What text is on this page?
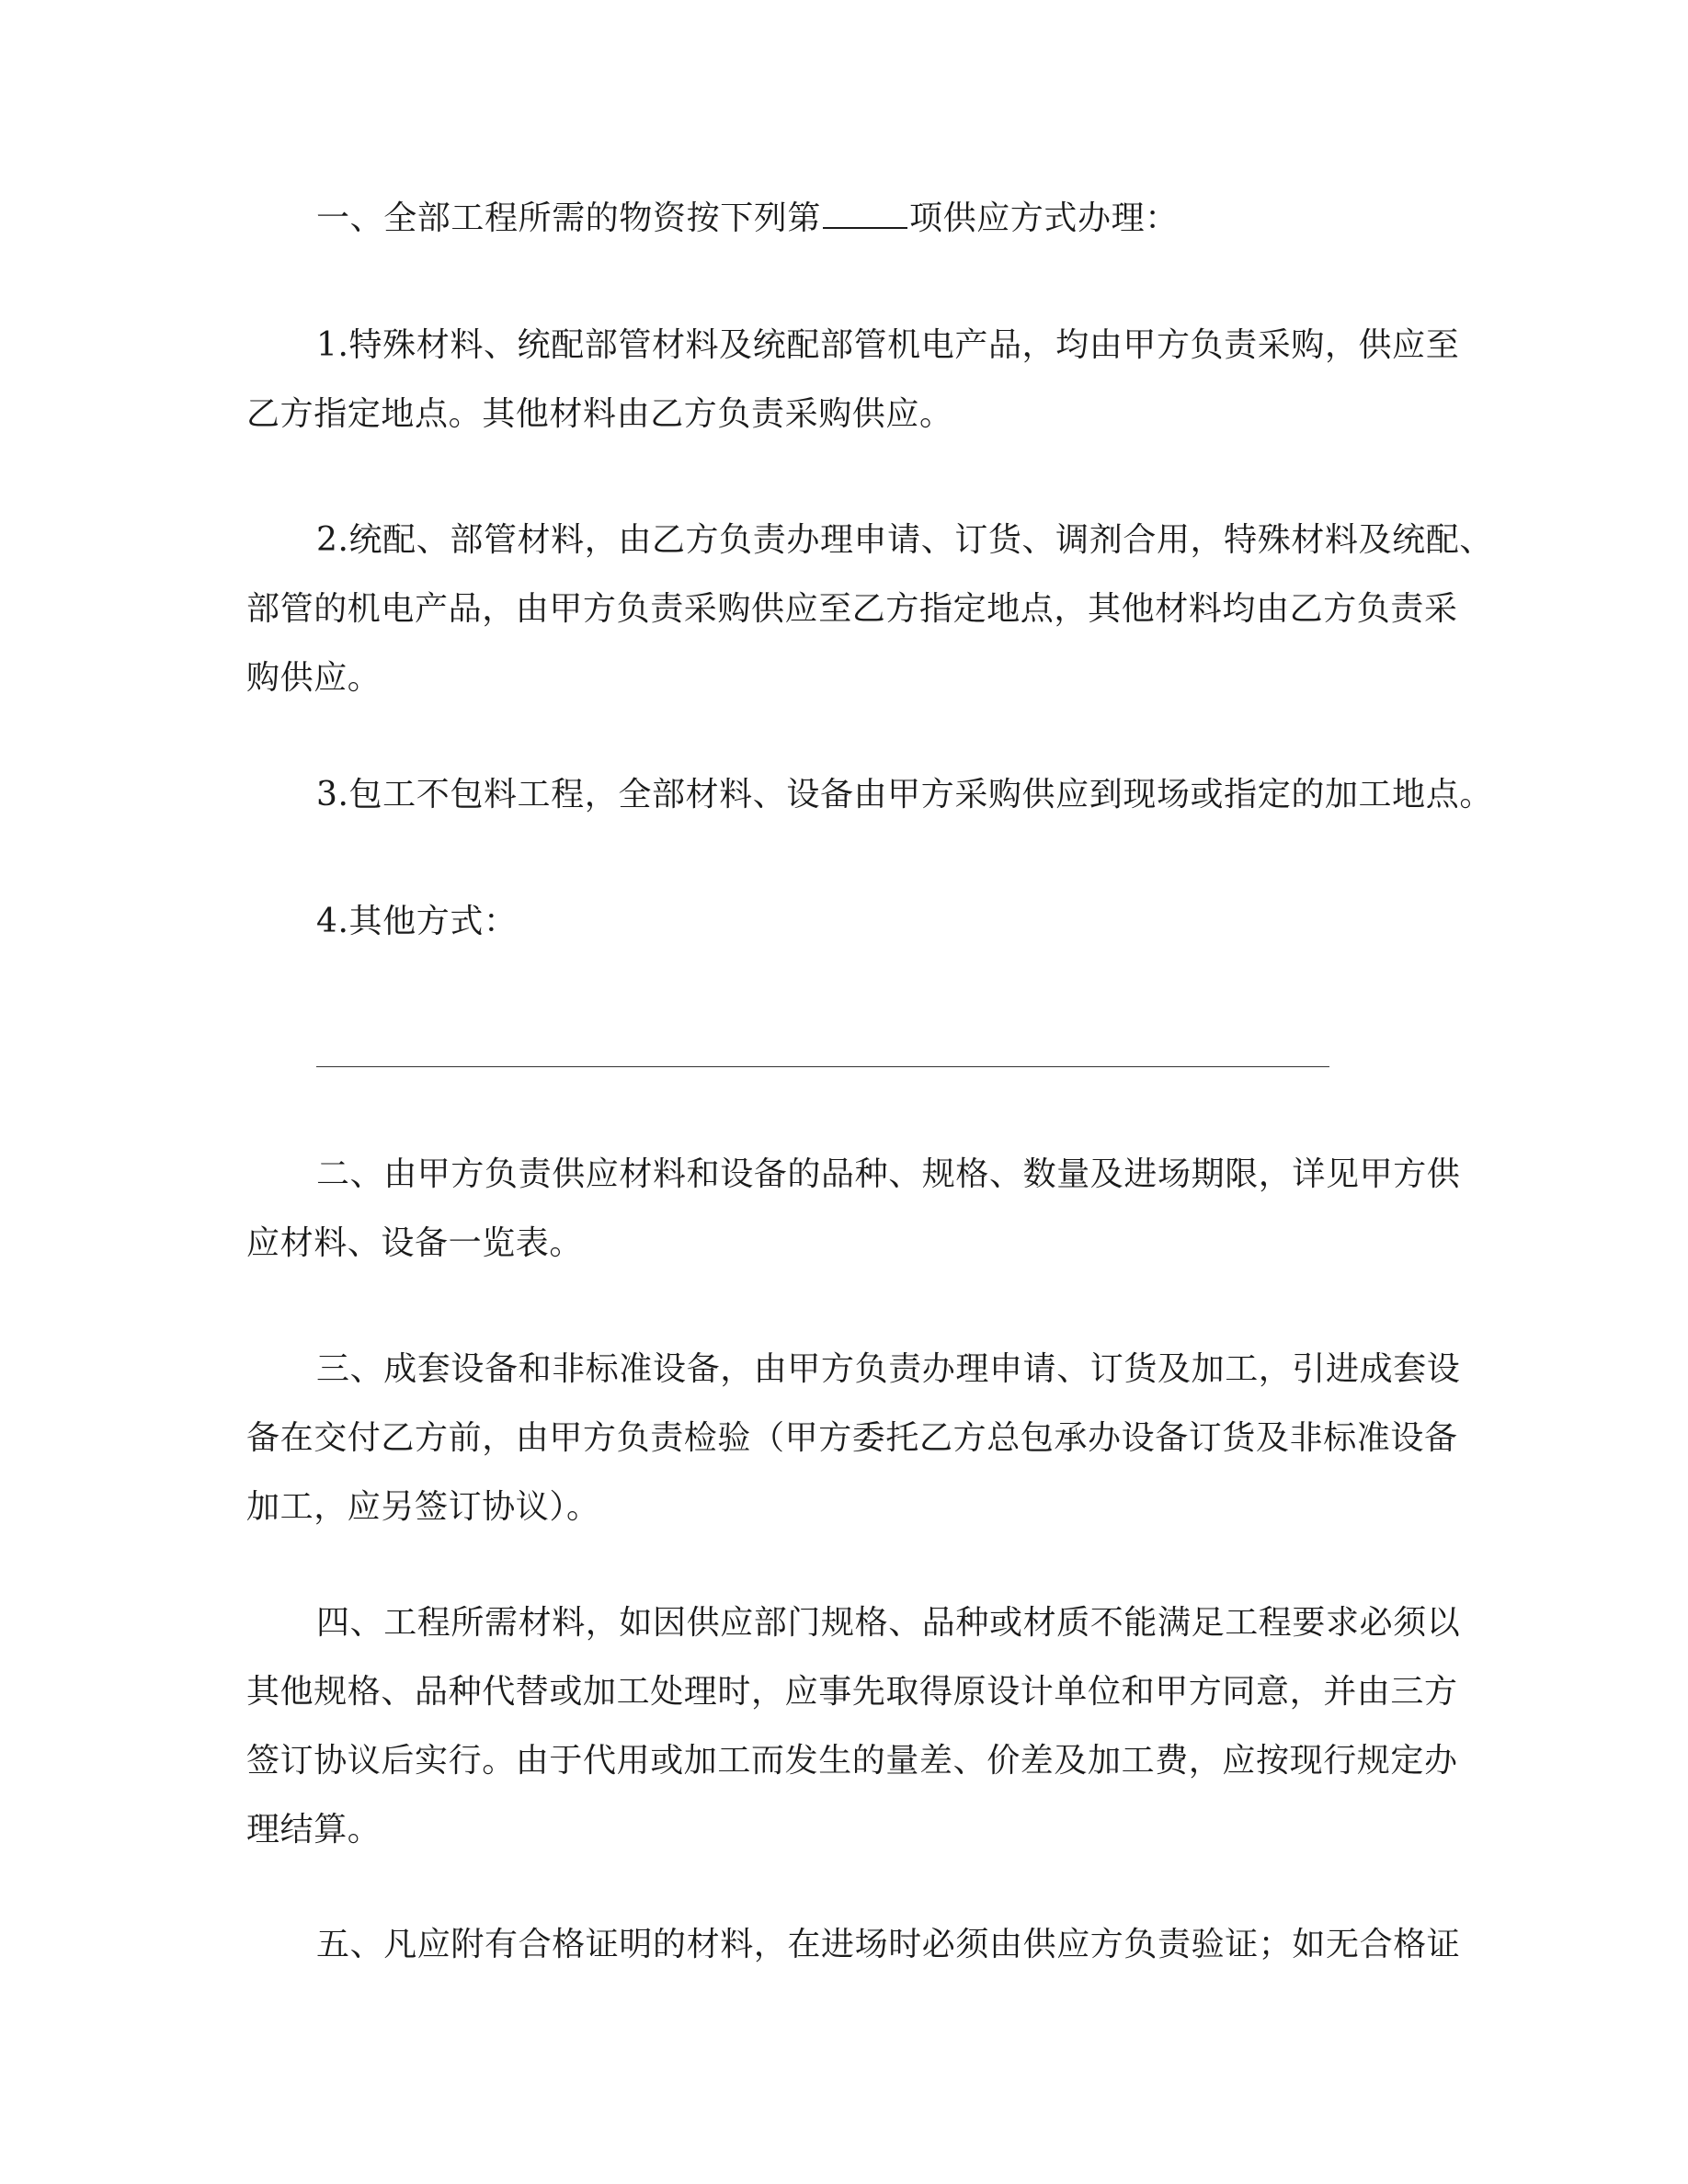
一、全部工程所需的物资按下列第	项供应方式办理：

1.特殊材料、统配部管材料及统配部管机电产品，均由甲方负责采购，供应至
乙方指定地点。其他材料由乙方负责采购供应。

2.统配、部管材料，由乙方负责办理申请、订货、调剂合用，特殊材料及统配、
部管的机电产品，由甲方负责采购供应至乙方指定地点，其他材料均由乙方负责采
购供应。

3.包工不包料工程，全部材料、设备由甲方采购供应到现场或指定的加工地点。

4.其他方式：

二、由甲方负责供应材料和设备的品种、规格、数量及进场期限，详见甲方供
应材料、设备一览表。

三、成套设备和非标准设备，由甲方负责办理申请、订货及加工，引进成套设
备在交付乙方前，由甲方负责检验（甲方委托乙方总包承办设备订货及非标准设备
加工，应另签订协议）。

四、工程所需材料，如因供应部门规格、品种或材质不能满足工程要求必须以
其他规格、品种代替或加工处理时，应事先取得原设计单位和甲方同意，并由三方
签订协议后实行。由于代用或加工而发生的量差、价差及加工费，应按现行规定办
理结算。

五、凡应附有合格证明的材料，在进场时必须由供应方负责验证；如无合格证
